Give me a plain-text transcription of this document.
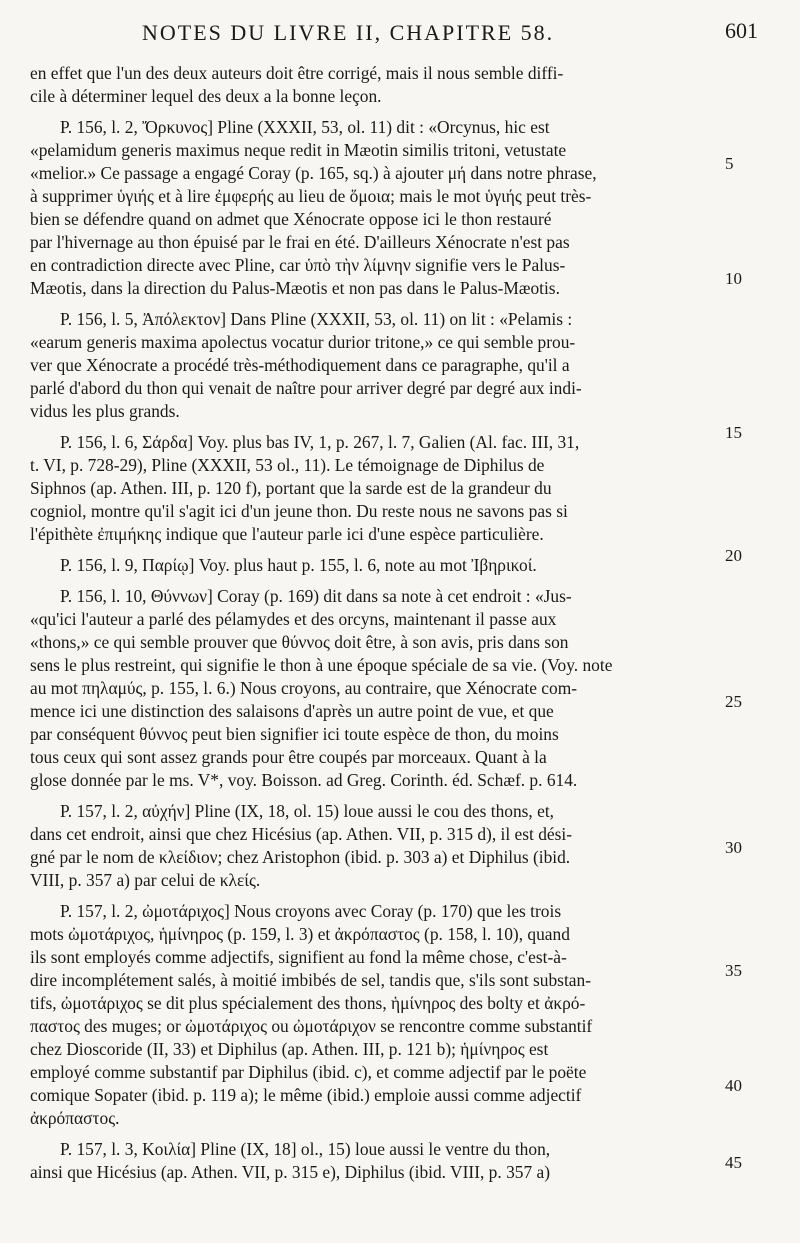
NOTES DU LIVRE II, CHAPITRE 58.	601
en effet que l'un des deux auteurs doit être corrigé, mais il nous semble diffi-
cile à déterminer lequel des deux a la bonne leçon.
P. 156, l. 2, Ὄρκυνος] Pline (XXXII, 53, ol. 11) dit : «Orcynus, hic est
«pelamidum generis maximus neque redit in Mæotin similis tritoni, vetustate
«melior.» Ce passage a engagé Coray (p. 165, sq.) à ajouter μή dans notre phrase,
à supprimer ὑγιής et à lire ἐμφερής au lieu de ὅμοια; mais le mot ὑγιής peut très-
bien se défendre quand on admet que Xénocrate oppose ici le thon restauré
par l'hivernage au thon épuisé par le frai en été. D'ailleurs Xénocrate n'est pas
en contradiction directe avec Pline, car ὑπὸ τὴν λίμνην signifie vers le Palus-
Mæotis, dans la direction du Palus-Mæotis et non pas dans le Palus-Mæotis.
P. 156, l. 5, Ἀπόλεκτον] Dans Pline (XXXII, 53, ol. 11) on lit : «Pelamis :
«earum generis maxima apolectus vocatur durior tritone,» ce qui semble prou-
ver que Xénocrate a procédé très-méthodiquement dans ce paragraphe, qu'il a
parlé d'abord du thon qui venait de naître pour arriver degré par degré aux indi-
vidus les plus grands.
P. 156, l. 6, Σάρδα] Voy. plus bas IV, 1, p. 267, l. 7, Galien (Al. fac. III, 31,
t. VI, p. 728-29), Pline (XXXII, 53 ol., 11). Le témoignage de Diphilus de
Siphnos (ap. Athen. III, p. 120 f), portant que la sarde est de la grandeur du
cogniol, montre qu'il s'agit ici d'un jeune thon. Du reste nous ne savons pas si
l'épithète ἐπιμήκης indique que l'auteur parle ici d'une espèce particulière.
P. 156, l. 9, Παρίῳ] Voy. plus haut p. 155, l. 6, note au mot Ἰβηρικοί.
P. 156, l. 10, Θύννων] Coray (p. 169) dit dans sa note à cet endroit : «Jus-
«qu'ici l'auteur a parlé des pélamydes et des orcyns, maintenant il passe aux
«thons,» ce qui semble prouver que θύννος doit être, à son avis, pris dans son
sens le plus restreint, qui signifie le thon à une époque spéciale de sa vie. (Voy. note
au mot πηλαμύς, p. 155, l. 6.) Nous croyons, au contraire, que Xénocrate com-
mence ici une distinction des salaisons d'après un autre point de vue, et que
par conséquent θύννος peut bien signifier ici toute espèce de thon, du moins
tous ceux qui sont assez grands pour être coupés par morceaux. Quant à la
glose donnée par le ms. V*, voy. Boisson. ad Greg. Corinth. éd. Schæf. p. 614.
P. 157, l. 2, αὐχήν] Pline (IX, 18, ol. 15) loue aussi le cou des thons, et,
dans cet endroit, ainsi que chez Hicésius (ap. Athen. VII, p. 315 d), il est dési-
gné par le nom de κλείδιον; chez Aristophon (ibid. p. 303 a) et Diphilus (ibid.
VIII, p. 357 a) par celui de κλείς.
P. 157, l. 2, ὠμοτάριχος] Nous croyons avec Coray (p. 170) que les trois
mots ὠμοτάριχος, ἡμίνηρος (p. 159, l. 3) et ἀκρόπαστος (p. 158, l. 10), quand
ils sont employés comme adjectifs, signifient au fond la même chose, c'est-à-
dire incomplétement salés, à moitié imbibés de sel, tandis que, s'ils sont substan-
tifs, ὠμοτάριχος se dit plus spécialement des thons, ἡμίνηρος des bolty et ἀκρό-
παστος des muges; or ὠμοτάριχος ou ὠμοτάριχον se rencontre comme substantif
chez Dioscoride (II, 33) et Diphilus (ap. Athen. III, p. 121 b); ἡμίνηρος est
employé comme substantif par Diphilus (ibid. c), et comme adjectif par le poëte
comique Sopater (ibid. p. 119 a); le même (ibid.) emploie aussi comme adjectif
ἀκρόπαστος.
P. 157, l. 3, Κοιλία] Pline (IX, 18] ol., 15) loue aussi le ventre du thon,
ainsi que Hicésius (ap. Athen. VII, p. 315 e), Diphilus (ibid. VIII, p. 357 a)
5
10
15
20
25
30
35
40
45
